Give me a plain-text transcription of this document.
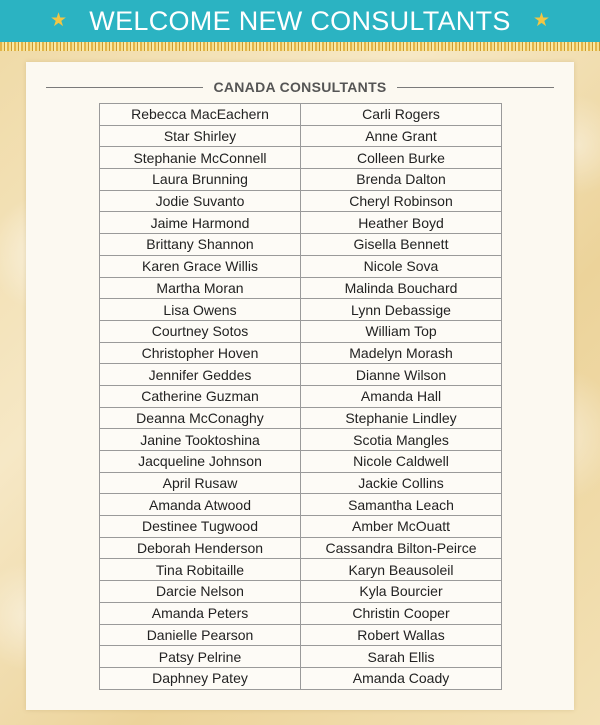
★ WELCOME NEW CONSULTANTS ★
CANADA CONSULTANTS
Rebecca MacEachern	Carli Rogers
Star Shirley	Anne Grant
Stephanie McConnell	Colleen Burke
Laura Brunning	Brenda Dalton
Jodie Suvanto	Cheryl Robinson
Jaime Harmond	Heather Boyd
Brittany Shannon	Gisella Bennett
Karen Grace Willis	Nicole Sova
Martha Moran	Malinda Bouchard
Lisa Owens	Lynn Debassige
Courtney Sotos	William Top
Christopher Hoven	Madelyn Morash
Jennifer Geddes	Dianne Wilson
Catherine Guzman	Amanda Hall
Deanna McConaghy	Stephanie Lindley
Janine Tooktoshina	Scotia Mangles
Jacqueline Johnson	Nicole Caldwell
April Rusaw	Jackie Collins
Amanda Atwood	Samantha Leach
Destinee Tugwood	Amber McOuatt
Deborah Henderson	Cassandra Bilton-Peirce
Tina Robitaille	Karyn Beausoleil
Darcie Nelson	Kyla Bourcier
Amanda Peters	Christin Cooper
Danielle Pearson	Robert Wallas
Patsy Pelrine	Sarah Ellis
Daphney Patey	Amanda Coady
